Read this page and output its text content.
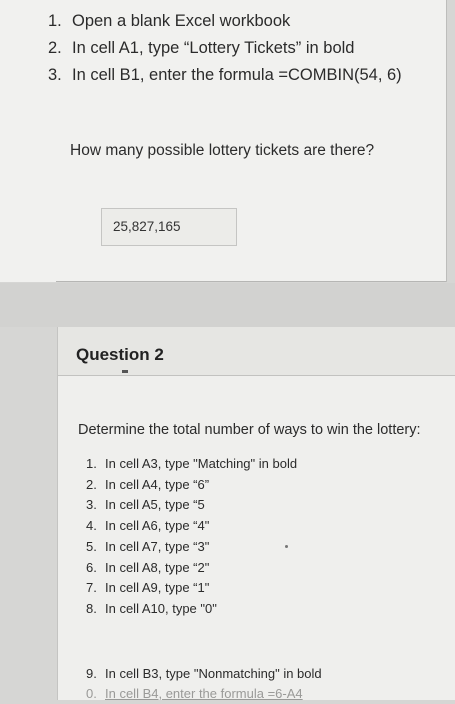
1. Open a blank Excel workbook
2. In cell A1, type “Lottery Tickets” in bold
3. In cell B1, enter the formula =COMBIN(54, 6)
How many possible lottery tickets are there?
25,827,165
Question 2
Determine the total number of ways to win the lottery:
1. In cell A3, type "Matching" in bold
2. In cell A4, type “6”
3. In cell A5, type “5
4. In cell A6, type “4"
5. In cell A7, type “3"
6. In cell A8, type “2"
7. In cell A9, type “1"
8. In cell A10, type "0"
9. In cell B3, type "Nonmatching" in bold
0. In cell B4, enter the formula =6-A4
